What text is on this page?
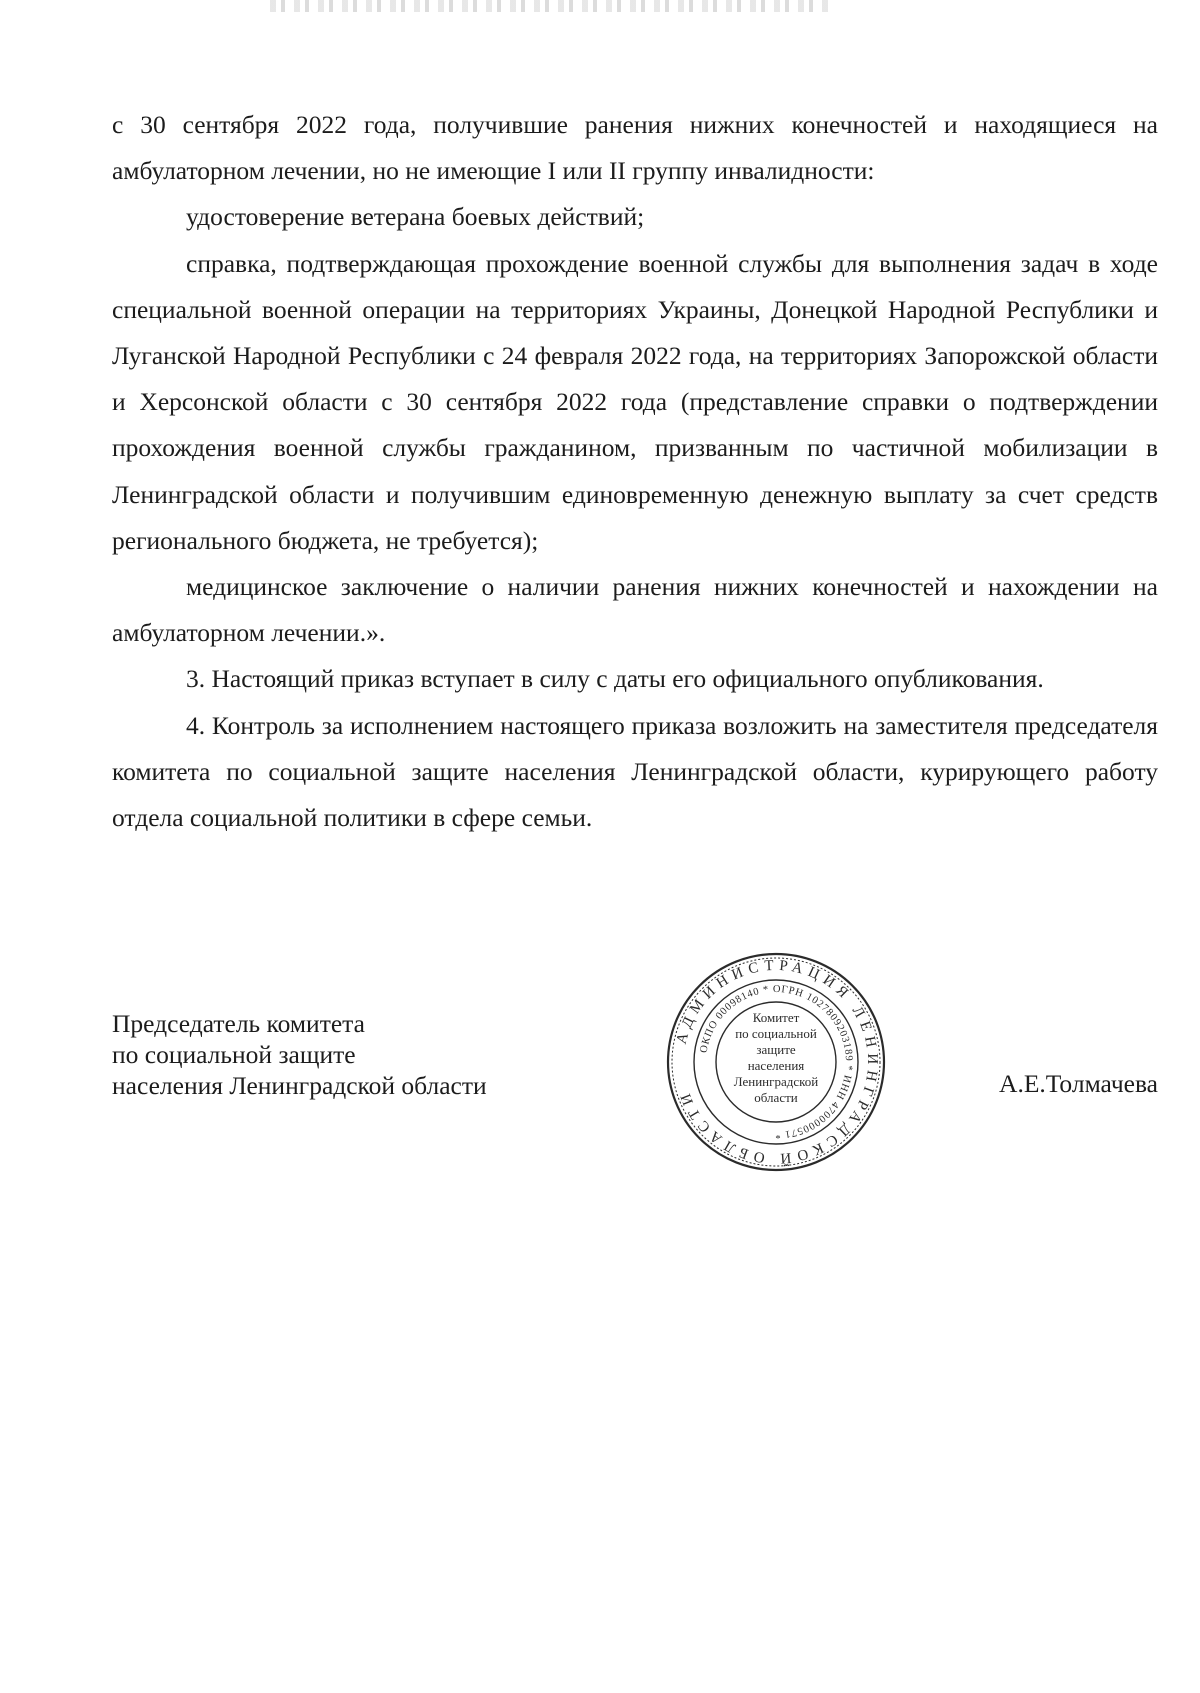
с 30 сентября 2022 года, получившие ранения нижних конечностей и находящиеся на амбулаторном лечении, но не имеющие I или II группу инвалидности:

удостоверение ветерана боевых действий;

справка, подтверждающая прохождение военной службы для выполнения задач в ходе специальной военной операции на территориях Украины, Донецкой Народной Республики и Луганской Народной Республики с 24 февраля 2022 года, на территориях Запорожской области и Херсонской области с 30 сентября 2022 года (представление справки о подтверждении прохождения военной службы гражданином, призванным по частичной мобилизации в Ленинградской области и получившим единовременную денежную выплату за счет средств регионального бюджета, не требуется);

медицинское заключение о наличии ранения нижних конечностей и нахождении на амбулаторном лечении.».

3. Настоящий приказ вступает в силу с даты его официального опубликования.

4. Контроль за исполнением настоящего приказа возложить на заместителя председателя комитета по социальной защите населения Ленинградской области, курирующего работу отдела социальной политики в сфере семьи.

Председатель комитета
по социальной защите
населения Ленинградской области
АДМИНИСТРАЦИЯ ЛЕНИНГРАДСКОЙ ОБЛАСТИ
ОКПО 00098140 * ОГРН 1027809203189 * ИНН 4700000571 *
Комитет
по социальной
защите
населения
Ленинградской
области	А.Е.Толмачева
